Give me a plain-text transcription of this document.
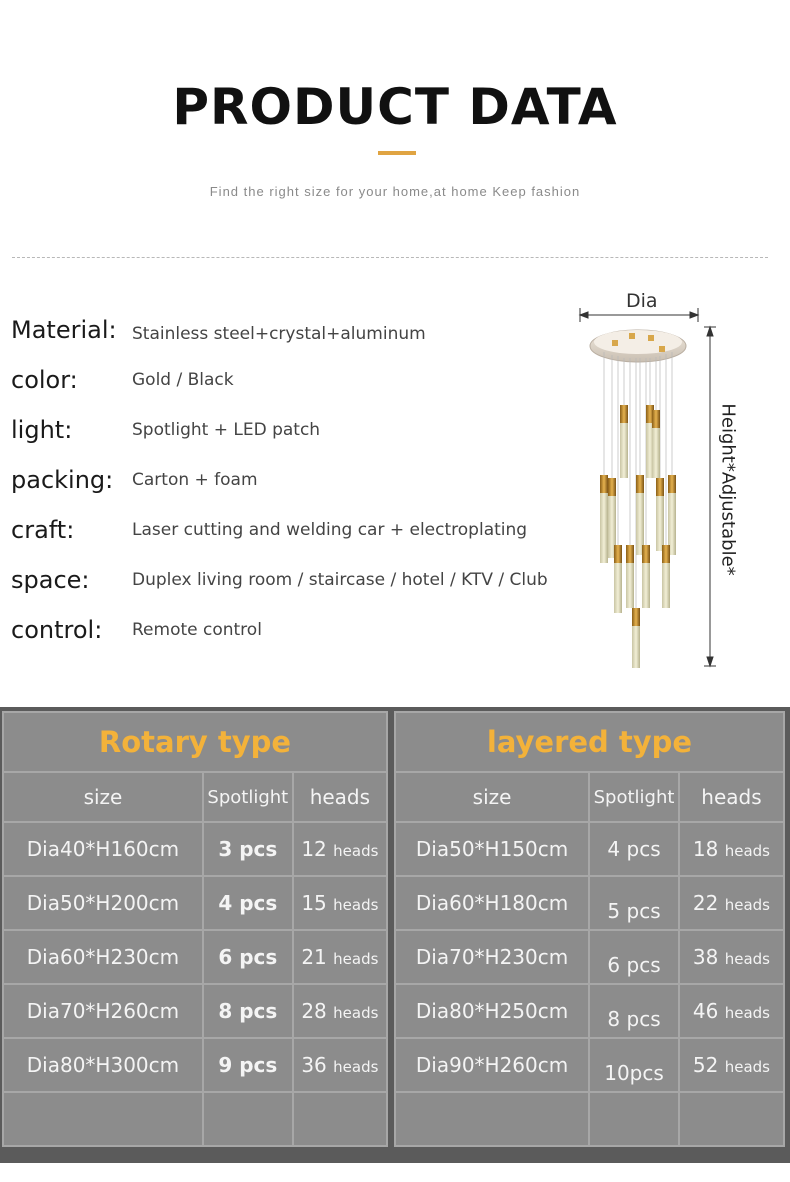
PRODUCT DATA
Find the right size for your home,at home Keep fashion
Material: Stainless steel+crystal+aluminum
color:	Gold / Black
light:	Spotlight + LED patch
packing: Carton + foam
craft:	Laser cutting and welding car + electroplating
space:	Duplex living room / staircase / hotel / KTV / Club
control: Remote control
Dia
Height*Adjustable*
Rotary type		
size	Spotlight	heads
Dia40*H160cm	3 pcs	12 heads
Dia50*H200cm	4 pcs	15 heads
Dia60*H230cm	6 pcs	21 heads
Dia70*H260cm	8 pcs	28 heads
Dia80*H300cm	9 pcs	36 heads

layered type		
size	Spotlight	heads
Dia50*H150cm	4 pcs	18 heads
Dia60*H180cm	5 pcs	22 heads
Dia70*H230cm	6 pcs	38 heads
Dia80*H250cm	8 pcs	46 heads
Dia90*H260cm	10pcs	52 heads
